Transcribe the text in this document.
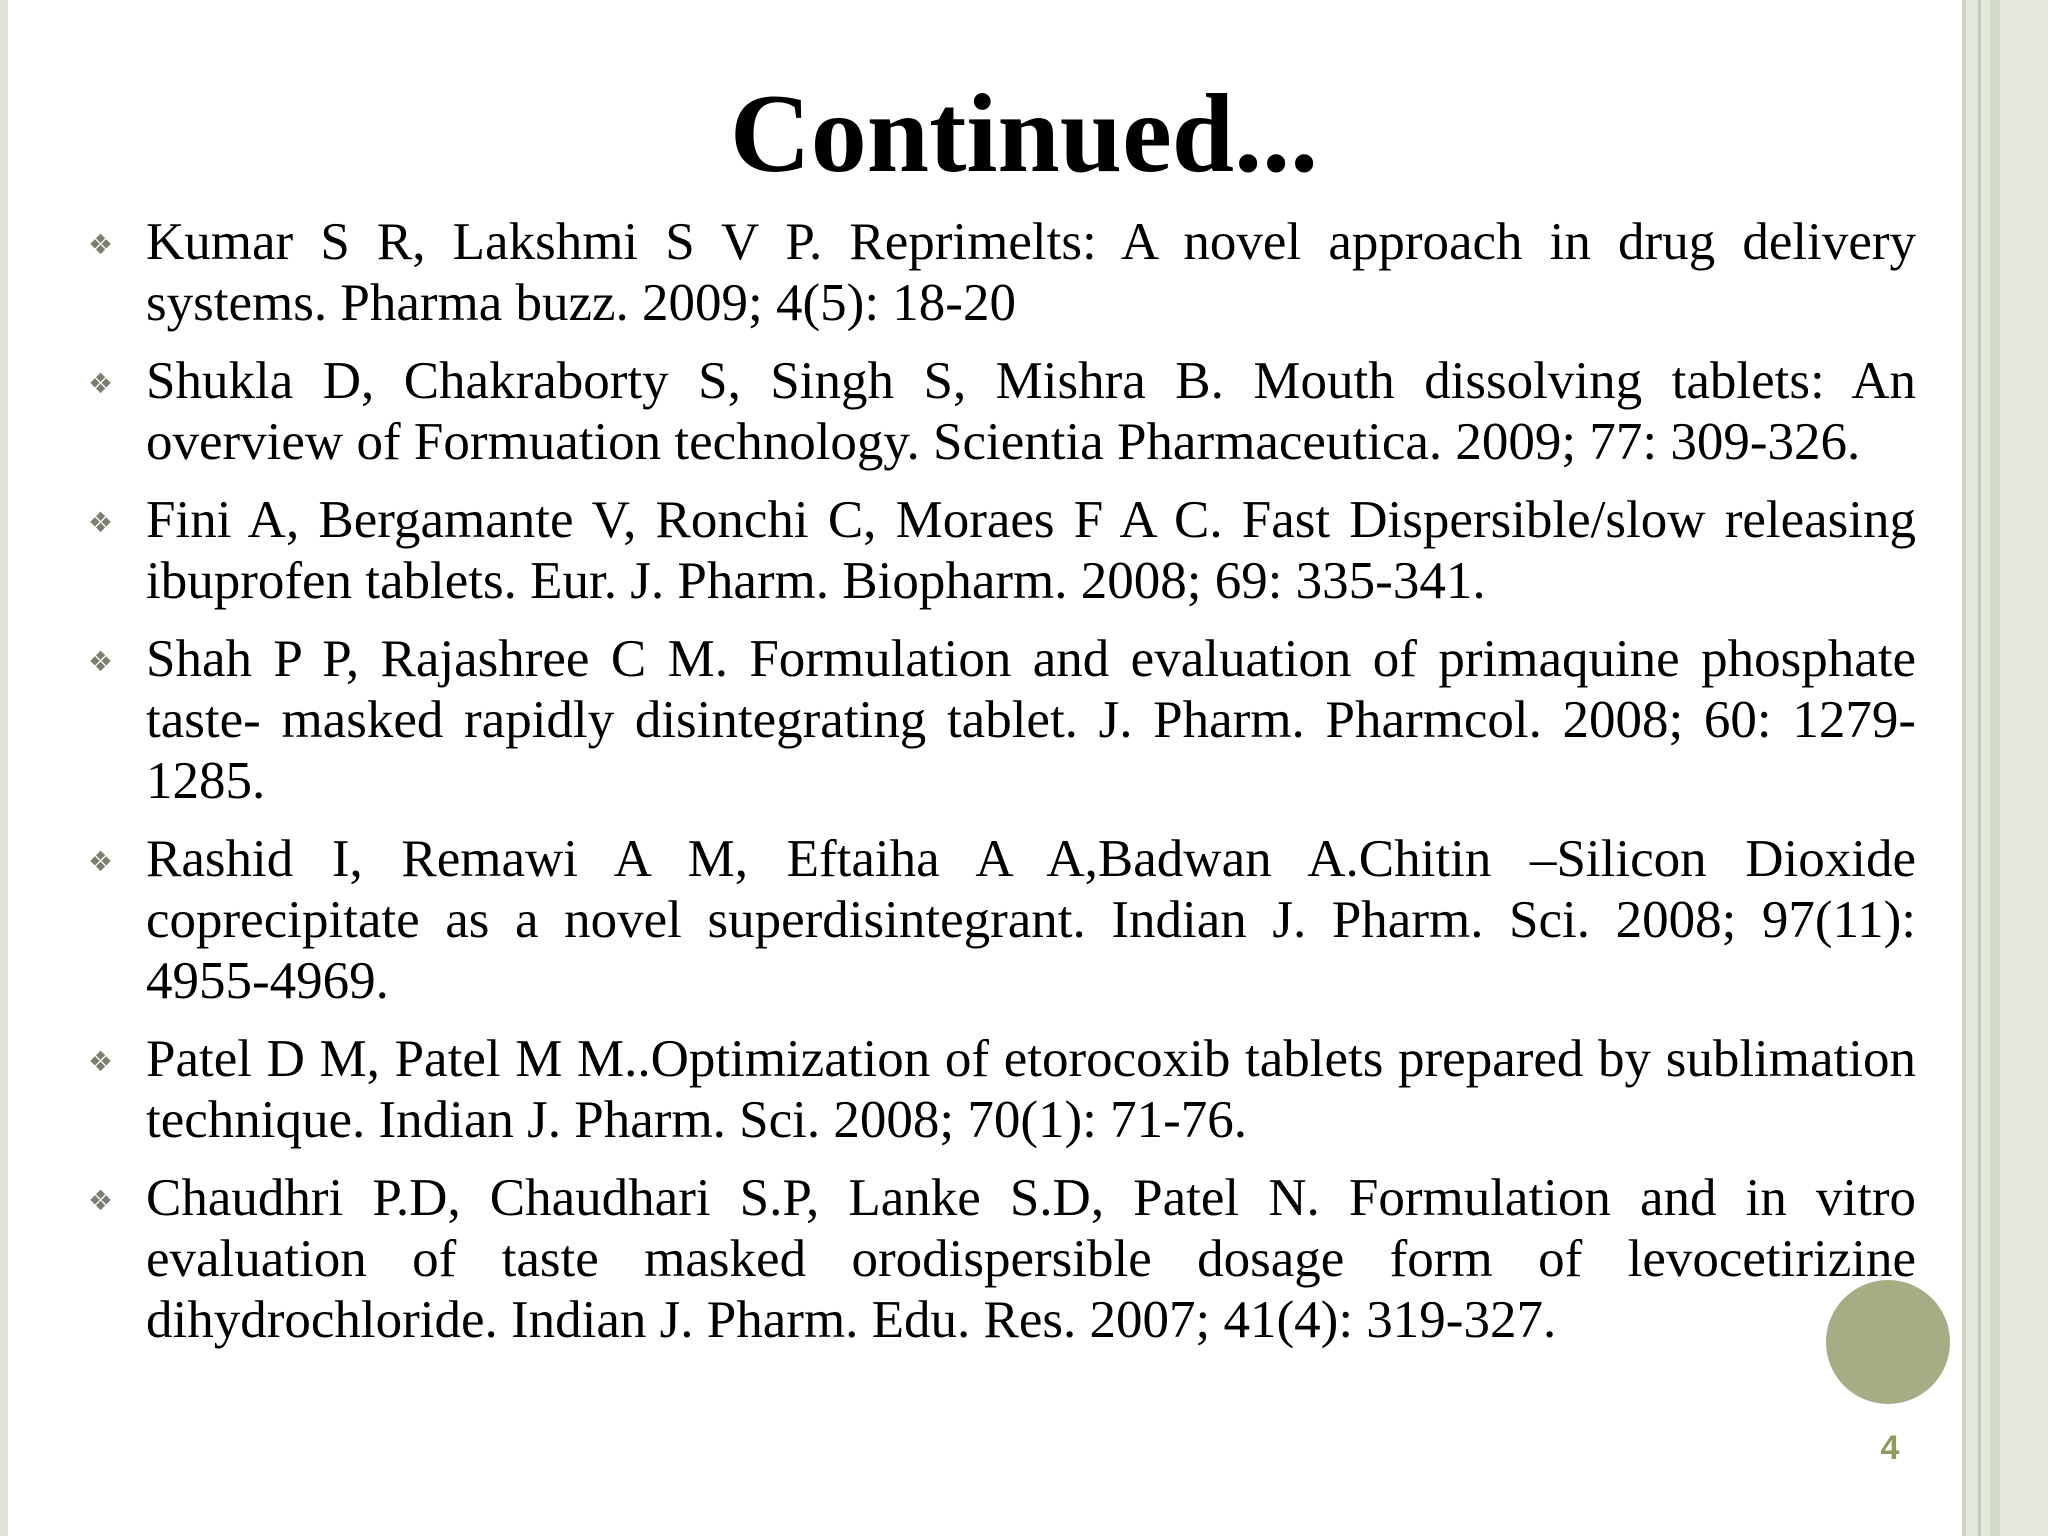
Continued...
❖ Kumar S R, Lakshmi S V P. Reprimelts: A novel approach in drug delivery systems. Pharma buzz. 2009; 4(5): 18-20
❖ Shukla D, Chakraborty S, Singh S, Mishra B. Mouth dissolving tablets: An overview of Formuation technology. Scientia Pharmaceutica. 2009; 77: 309-326.
❖ Fini A, Bergamante V, Ronchi C, Moraes F A C. Fast Dispersible/slow releasing ibuprofen tablets. Eur. J. Pharm. Biopharm. 2008; 69: 335-341.
❖ Shah P P, Rajashree C M. Formulation and evaluation of primaquine phosphate taste- masked rapidly disintegrating tablet. J. Pharm. Pharmcol. 2008; 60: 1279-1285.
❖ Rashid I, Remawi A M, Eftaiha A A,Badwan A.Chitin –Silicon Dioxide coprecipitate as a novel superdisintegrant. Indian J. Pharm. Sci. 2008; 97(11): 4955-4969.
❖ Patel D M, Patel M M..Optimization of etorocoxib tablets prepared by sublimation technique. Indian J. Pharm. Sci. 2008; 70(1): 71-76.
❖ Chaudhri P.D, Chaudhari S.P, Lanke S.D, Patel N. Formulation and in vitro evaluation of taste masked orodispersible dosage form of levocetirizine dihydrochloride. Indian J. Pharm. Edu. Res. 2007; 41(4): 319-327.
4
